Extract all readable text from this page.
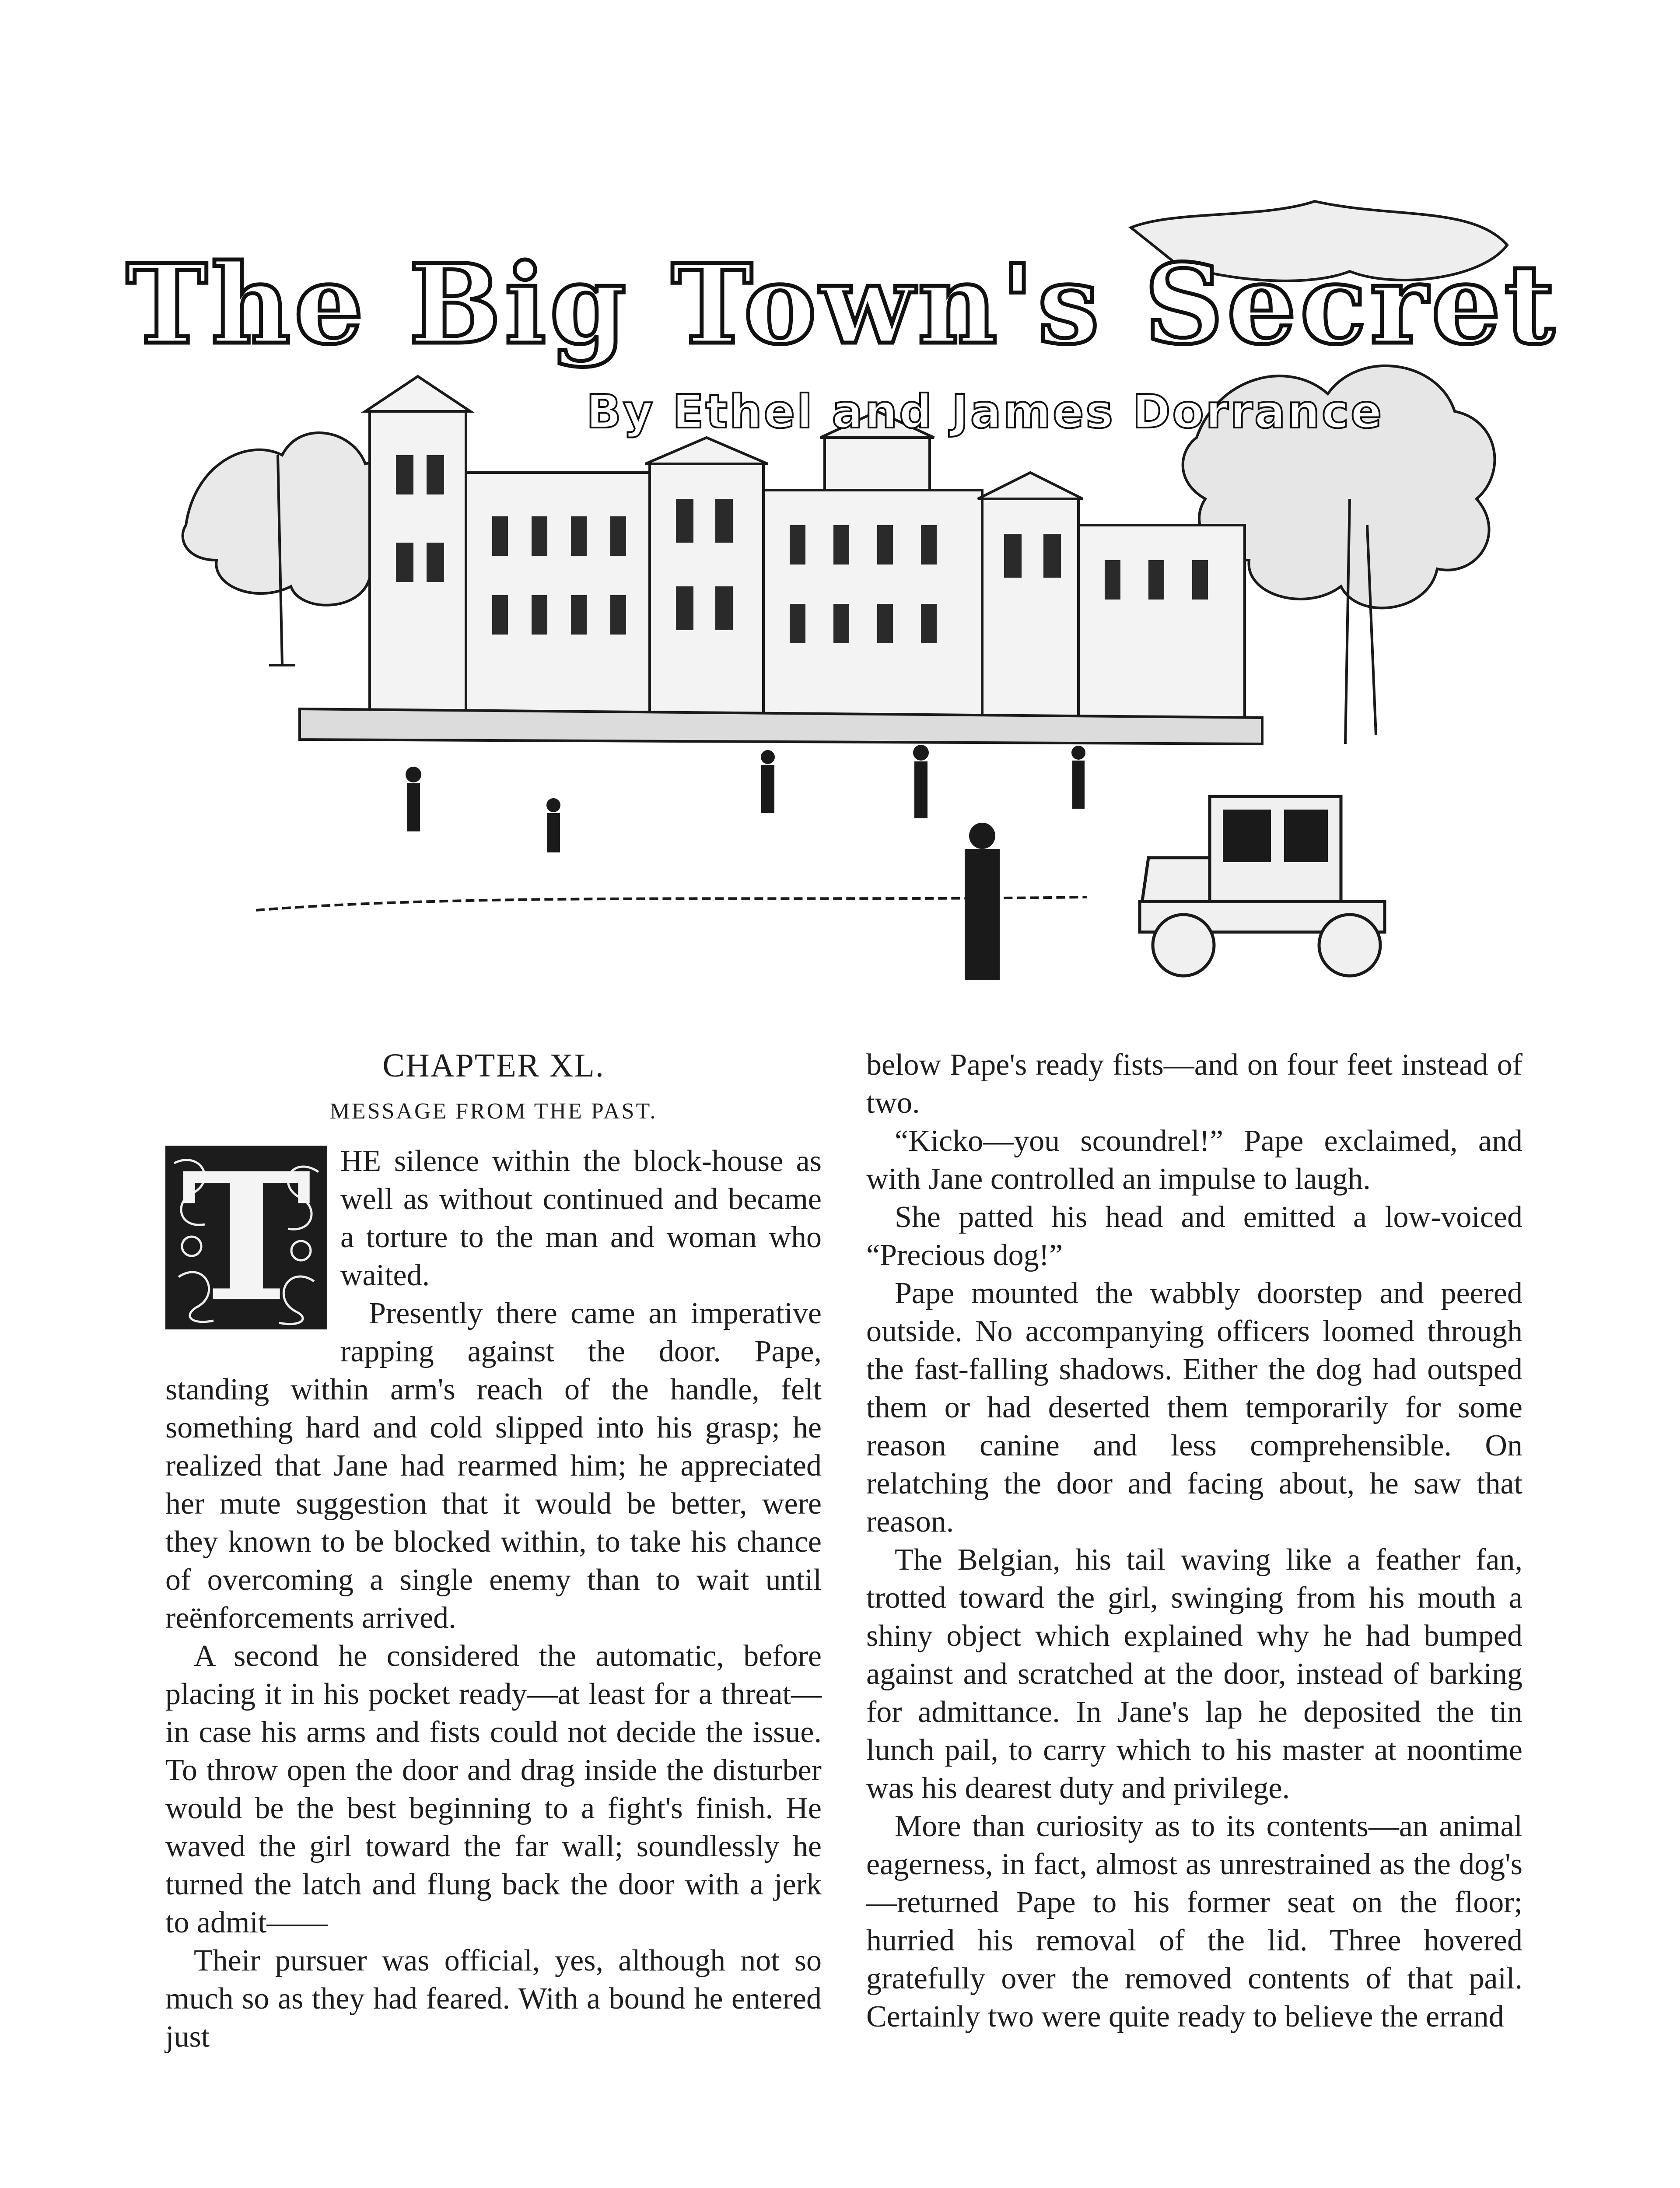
The Big Town's Secret
By Ethel and James Dorrance
CHAPTER XL.
MESSAGE FROM THE PAST.
T HE silence within the block-house as well as without continued and became a torture to the man and woman who waited.

Presently there came an imperative rapping against the door. Pape, standing within arm's reach of the handle, felt something hard and cold slipped into his grasp; he realized that Jane had rearmed him; he appreciated her mute suggestion that it would be better, were they known to be blocked within, to take his chance of overcoming a single enemy than to wait until reënforcements arrived.

A second he considered the automatic, before placing it in his pocket ready—at least for a threat—in case his arms and fists could not decide the issue. To throw open the door and drag inside the disturber would be the best beginning to a fight's finish. He waved the girl toward the far wall; soundlessly he turned the latch and flung back the door with a jerk to admit——

Their pursuer was official, yes, although not so much so as they had feared. With a bound he entered just

below Pape's ready fists—and on four feet instead of two.

“Kicko—you scoundrel!” Pape exclaimed, and with Jane controlled an impulse to laugh.

She patted his head and emitted a low-voiced “Precious dog!”

Pape mounted the wabbly doorstep and peered outside. No accompanying officers loomed through the fast-falling shadows. Either the dog had outsped them or had deserted them temporarily for some reason canine and less comprehensible. On relatching the door and facing about, he saw that reason.

The Belgian, his tail waving like a feather fan, trotted toward the girl, swinging from his mouth a shiny object which explained why he had bumped against and scratched at the door, instead of barking for admittance. In Jane's lap he deposited the tin lunch pail, to carry which to his master at noontime was his dearest duty and privilege.

More than curiosity as to its contents—an animal eagerness, in fact, almost as unrestrained as the dog's—returned Pape to his former seat on the floor; hurried his removal of the lid. Three hovered gratefully over the removed contents of that pail. Certainly two were quite ready to believe the errand
